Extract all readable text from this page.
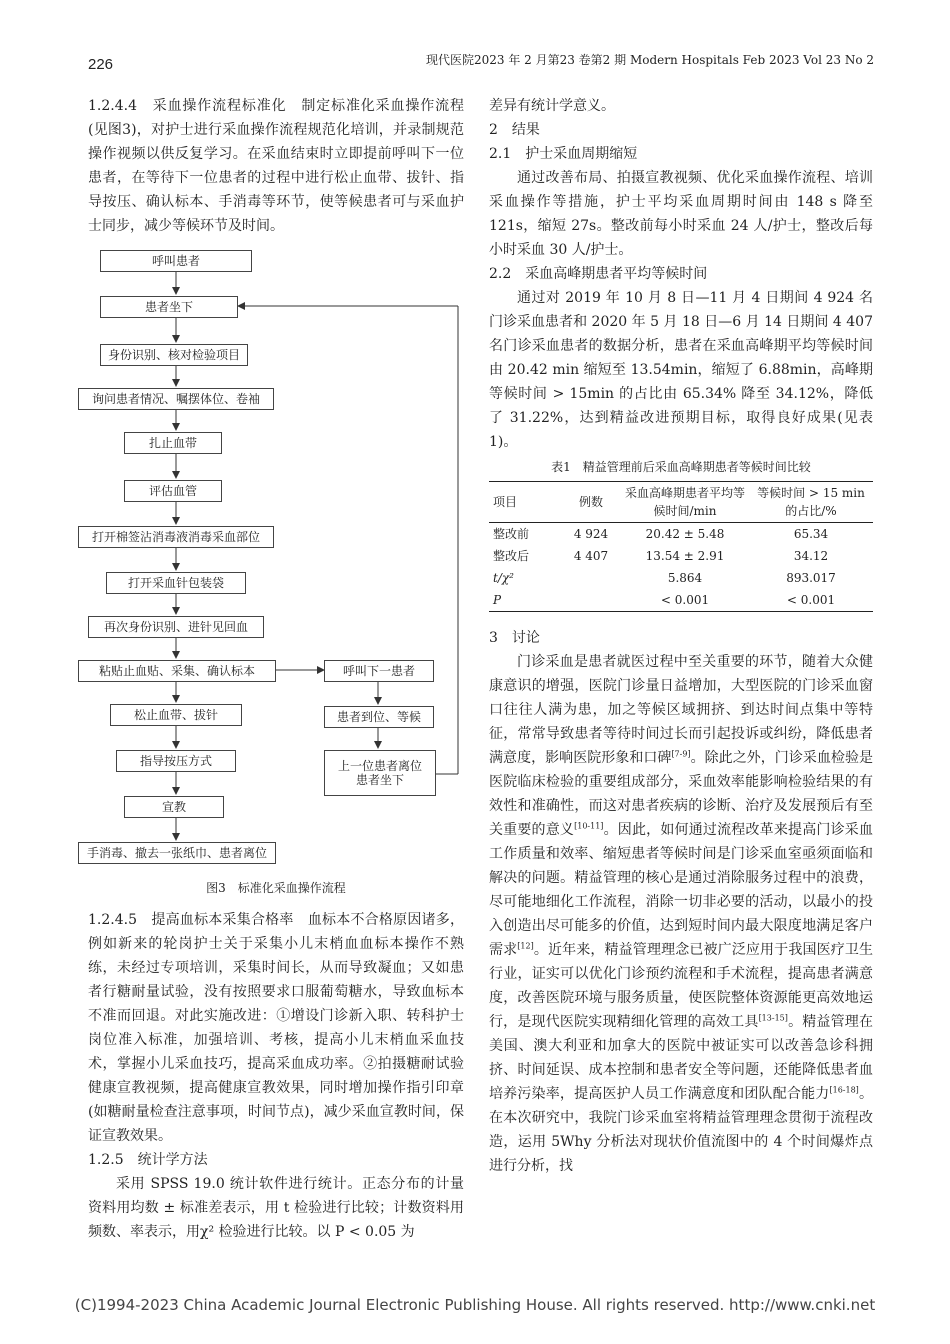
226	现代医院2023 年 2 月第23 卷第2 期 Modern Hospitals Feb 2023 Vol 23 No 2

1.2.4.4　采血操作流程标准化　制定标准化采血操作流程(见图3)，对护士进行采血操作流程规范化培训，并录制规范操作视频以供反复学习。在采血结束时立即提前呼叫下一位患者，在等待下一位患者的过程中进行松止血带、拔针、指导按压、确认标本、手消毒等环节，使等候患者可与采血护士同步，减少等候环节及时间。

呼叫患者
患者坐下
身份识别、核对检验项目
询问患者情况、嘱摆体位、卷袖
扎止血带
评估血管
打开棉签沾消毒液消毒采血部位
打开采血针包装袋
再次身份识别、进针见回血
粘贴止血贴、采集、确认标本
松止血带、拔针
指导按压方式
宣教
手消毒、撤去一张纸巾、患者离位
呼叫下一患者
患者到位、等候
上一位患者离位患者坐下
图3　标准化采血操作流程

1.2.4.5　提高血标本采集合格率　血标本不合格原因诸多，例如新来的轮岗护士关于采集小儿末梢血血标本操作不熟练，未经过专项培训，采集时间长，从而导致凝血；又如患者行糖耐量试验，没有按照要求口服葡萄糖水，导致血标本不准而回退。对此实施改进：①增设门诊新入职、转科护士岗位准入标准，加强培训、考核，提高小儿末梢血采血技术，掌握小儿采血技巧，提高采血成功率。②拍摄糖耐试验健康宣教视频，提高健康宣教效果，同时增加操作指引印章(如糖耐量检查注意事项，时间节点)，减少采血宣教时间，保证宣教效果。

1.2.5　统计学方法

采用 SPSS 19.0 统计软件进行统计。正态分布的计量资料用均数 ± 标准差表示，用 t 检验进行比较；计数资料用频数、率表示，用χ² 检验进行比较。以 P < 0.05 为

差异有统计学意义。

2　结果

2.1　护士采血周期缩短

通过改善布局、拍摄宣教视频、优化采血操作流程、培训采血操作等措施，护士平均采血周期时间由 148 s 降至 121s，缩短 27s。整改前每小时采血 24 人/护士，整改后每小时采血 30 人/护士。

2.2　采血高峰期患者平均等候时间

通过对 2019 年 10 月 8 日—11 月 4 日期间 4 924 名门诊采血患者和 2020 年 5 月 18 日—6 月 14 日期间 4 407名门诊采血患者的数据分析，患者在采血高峰期平均等候时间由 20.42 min 缩短至 13.54min，缩短了 6.88min，高峰期等候时间 > 15min 的占比由 65.34% 降至 34.12%，降低了 31.22%，达到精益改进预期目标，取得良好成果(见表1)。

表1　精益管理前后采血高峰期患者等候时间比较
项目	例数	采血高峰期患者平均等候时间/min	等候时间 > 15 min 的占比/%
整改前	4 924	20.42 ± 5.48	65.34
整改后	4 407	13.54 ± 2.91	34.12
t/χ²		5.864	893.017
P		< 0.001	< 0.001

3　讨论

门诊采血是患者就医过程中至关重要的环节，随着大众健康意识的增强，医院门诊量日益增加，大型医院的门诊采血窗口往往人满为患，加之等候区域拥挤、到达时间点集中等特征，常常导致患者等待时间过长而引起投诉或纠纷，降低患者满意度，影响医院形象和口碑[7-9]。除此之外，门诊采血检验是医院临床检验的重要组成部分，采血效率能影响检验结果的有效性和准确性，而这对患者疾病的诊断、治疗及发展预后有至关重要的意义[10-11]。因此，如何通过流程改革来提高门诊采血工作质量和效率、缩短患者等候时间是门诊采血室亟须面临和解决的问题。精益管理的核心是通过消除服务过程中的浪费，尽可能地细化工作流程，消除一切非必要的活动，以最小的投入创造出尽可能多的价值，达到短时间内最大限度地满足客户需求[12]。近年来，精益管理理念已被广泛应用于我国医疗卫生行业，证实可以优化门诊预约流程和手术流程，提高患者满意度，改善医院环境与服务质量，使医院整体资源能更高效地运行，是现代医院实现精细化管理的高效工具[13-15]。精益管理在美国、澳大利亚和加拿大的医院中被证实可以改善急诊科拥挤、时间延误、成本控制和患者安全等问题，还能降低患者血培养污染率，提高医护人员工作满意度和团队配合能力[16-18]。在本次研究中，我院门诊采血室将精益管理理念贯彻于流程改造，运用 5Why 分析法对现状价值流图中的 4 个时间爆炸点进行分析，找

(C)1994-2023 China Academic Journal Electronic Publishing House. All rights reserved. http://www.cnki.net
